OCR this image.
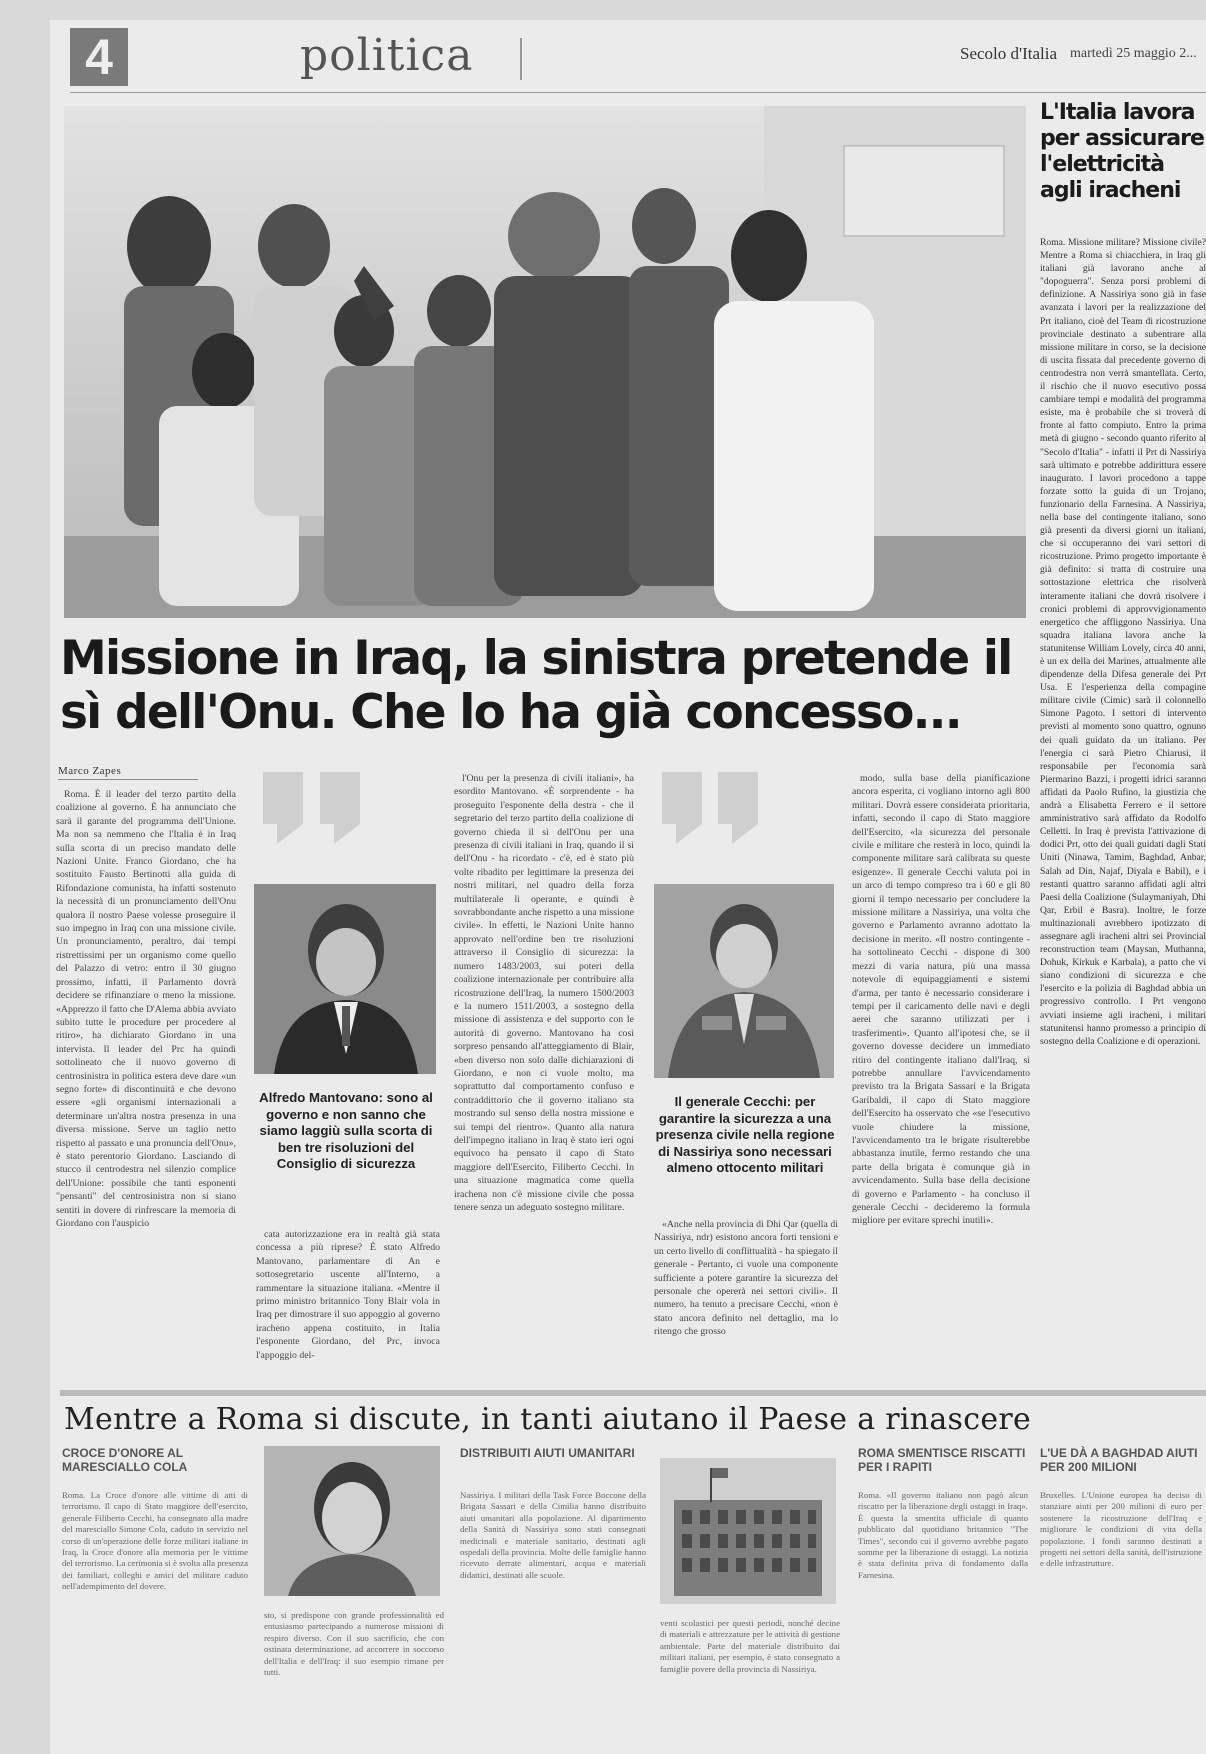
4	politica	Secolo d'Italia martedì 25 maggio 2...
Missione in Iraq, la sinistra pretende il sì dell'Onu. Che lo ha già concesso...
Marco Zapes

Roma. È il leader del terzo partito della coalizione al governo. È ha annunciato che sarà il garante del programma dell'Unione. Ma non sa nemmeno che l'Italia è in Iraq sulla scorta di un preciso mandato delle Nazioni Unite. Franco Giordano, che ha sostituito Fausto Bertinotti alla guida di Rifondazione comunista, ha infatti sostenuto la necessità di un pronunciamento dell'Onu qualora il nostro Paese volesse proseguire il suo impegno in Iraq con una missione civile. Un pronunciamento, peraltro, dai tempi ristrettissimi per un organismo come quello del Palazzo di vetro: entro il 30 giugno prossimo, infatti, il Parlamento dovrà decidere se rifinanziare o meno la missione. «Apprezzo il fatto che D'Alema abbia avviato subito tutte le procedure per procedere al ritiro», ha dichiarato Giordano in una intervista. Il leader del Prc ha quindi sottolineato che il nuovo governo di centrosinistra in politica estera deve dare «un segno forte» di discontinuità e che devono essere «gli organismi internazionali a determinare un'altra nostra presenza in una diversa missione. Serve un taglio netto rispetto al passato e una pronuncia dell'Onu», è stato perentorio Giordano. Lasciando di stucco il centrodestra nel silenzio complice dell'Unione: possibile che tanti esponenti "pensanti" del centrosinistra non si siano sentiti in dovere di rinfrescare la memoria di Giordano con l'auspicio

Alfredo Mantovano: sono al governo e non sanno che siamo laggiù sulla scorta di ben tre risoluzioni del Consiglio di sicurezza

cata autorizzazione era in realtà già stata concessa a più riprese? È stato Alfredo Mantovano, parlamentare di An e sottosegretario uscente all'Interno, a rammentare la situazione italiana. «Mentre il primo ministro britannico Tony Blair vola in Iraq per dimostrare il suo appoggio al governo iracheno appena costituito, in Italia l'esponente Giordano, del Prc, invoca l'appoggio del-

l'Onu per la presenza di civili italiani», ha esordito Mantovano. «È sorprendente - ha proseguito l'esponente della destra - che il segretario del terzo partito della coalizione di governo chieda il sì dell'Onu per una presenza di civili italiani in Iraq, quando il sì dell'Onu - ha ricordato - c'è, ed è stato più volte ribadito per legittimare la presenza dei nostri militari, nel quadro della forza multilaterale lì operante, e quindi è sovrabbondante anche rispetto a una missione civile». In effetti, le Nazioni Unite hanno approvato nell'ordine ben tre risoluzioni attraverso il Consiglio di sicurezza: la numero 1483/2003, sui poteri della coalizione internazionale per contribuire alla ricostruzione dell'Iraq, la numero 1500/2003 e la numero 1511/2003, a sostegno della missione di assistenza e del supporto con le autorità di governo. Mantovano ha così sorpreso pensando all'atteggiamento di Blair, «ben diverso non solo dalle dichiarazioni di Giordano, e non ci vuole molto, ma soprattutto dal comportamento confuso e contraddittorio che il governo italiano sta mostrando sul senso della nostra missione e sui tempi del rientro». Quanto alla natura dell'impegno italiano in Iraq è stato ieri ogni equivoco ha pensato il capo di Stato maggiore dell'Esercito, Filiberto Cecchi. In una situazione magmatica come quella irachena non c'è missione civile che possa tenere senza un adeguato sostegno militare.

Il generale Cecchi: per garantire la sicurezza a una presenza civile nella regione di Nassiriya sono necessari almeno ottocento militari

«Anche nella provincia di Dhi Qar (quella di Nassiriya, ndr) esistono ancora forti tensioni e un certo livello di conflittualità - ha spiegato il generale - Pertanto, ci vuole una componente sufficiente a potere garantire la sicurezza del personale che opererà nei settori civili». Il numero, ha tenuto a precisare Cecchi, «non è stato ancora definito nel dettaglio, ma lo ritengo che grosso

modo, sulla base della pianificazione ancora esperita, ci vogliano intorno agli 800 militari. Dovrà essere considerata prioritaria, infatti, secondo il capo di Stato maggiore dell'Esercito, «la sicurezza del personale civile e militare che resterà in loco, quindi la componente militare sarà calibrata su queste esigenze». Il generale Cecchi valuta poi in un arco di tempo compreso tra i 60 e gli 80 giorni il tempo necessario per concludere la missione militare a Nassiriya, una volta che governo e Parlamento avranno adottato la decisione in merito. «Il nostro contingente - ha sottolineato Cecchi - dispone di 300 mezzi di varia natura, più una massa notevole di equipaggiamenti e sistemi d'arma, per tanto è necessario considerare i tempi per il caricamento delle navi e degli aerei che saranno utilizzati per i trasferimenti». Quanto all'ipotesi che, se il governo dovesse decidere un immediato ritiro del contingente italiano dall'Iraq, si potrebbe annullare l'avvicendamento previsto tra la Brigata Sassari e la Brigata Garibaldi, il capo di Stato maggiore dell'Esercito ha osservato che «se l'esecutivo vuole chiudere la missione, l'avvicendamento tra le brigate risulterebbe abbastanza inutile, fermo restando che una parte della brigata è comunque già in avvicendamento. Sulla base della decisione di governo e Parlamento - ha concluso il generale Cecchi - decideremo la formula migliore per evitare sprechi inutili».

L'Italia lavora per assicurare l'elettricità agli iracheni

Roma. Missione militare? Missione civile? Mentre a Roma si chiacchiera, in Iraq gli italiani già lavorano anche al "dopoguerra". Senza porsi problemi di definizione. A Nassiriya sono già in fase avanzata i lavori per la realizzazione del Prt italiano, cioè del Team di ricostruzione provinciale destinato a subentrare alla missione militare in corso, se la decisione di uscita fissata dal precedente governo di centrodestra non verrà smantellata. Certo, il rischio che il nuovo esecutivo possa cambiare tempi e modalità del programma esiste, ma è probabile che si troverà di fronte al fatto compiuto. Entro la prima metà di giugno - secondo quanto riferito al "Secolo d'Italia" - infatti il Prt di Nassiriya sarà ultimato e potrebbe addirittura essere inaugurato. I lavori procedono a tappe forzate sotto la guida di un Trojano, funzionario della Farnesina. A Nassiriya, nella base del contingente italiano, sono già presenti da diversi giorni un italiani, che si occuperanno dei vari settori di ricostruzione. Primo progetto importante è già definito: si tratta di costruire una sottostazione elettrica che risolverà interamente italiani che dovrà risolvere i cronici problemi di approvvigionamento energetico che affliggono Nassiriya. Una squadra italiana lavora anche la statunitense William Lovely, circa 40 anni, è un ex della dei Marines, attualmente alle dipendenze della Difesa generale dei Prt Usa. E l'esperienza della compagine militare civile (Cimic) sarà il colonnello Simone Pagoto. I settori di intervento previsti al momento sono quattro, ognuno dei quali guidato da un italiano. Per l'energia ci sarà Pietro Chiarusi, il responsabile per l'economia sarà Piermarino Bazzi, i progetti idrici saranno affidati da Paolo Rufino, la giustizia che andrà a Elisabetta Ferrero e il settore amministrativo sarà affidato da Rodolfo Celletti. In Iraq è prevista l'attivazione di dodici Prt, otto dei quali guidati dagli Stati Uniti (Ninawa, Tamim, Baghdad, Anbar, Salah ad Din, Najaf, Diyala e Babil), e i restanti quattro saranno affidati agli altri Paesi della Coalizione (Sulaymaniyah, Dhi Qar, Erbil e Basra). Inoltre, le forze multinazionali avrebbero ipotizzato di assegnare agli iracheni altri sei Provincial reconstruction team (Maysan, Muthanna, Dohuk, Kirkuk e Karbala), a patto che vi siano condizioni di sicurezza e che l'esercito e la polizia di Baghdad abbia un progressivo controllo. I Prt vengono avviati insieme agli iracheni, i militari statunitensi hanno promesso a principio di sostegno della Coalizione e di operazioni.

Mentre a Roma si discute, in tanti aiutano il Paese a rinascere
CROCE D'ONORE AL MARESCIALLO COLA
Roma. La Croce d'onore alle vittime di atti di terrorismo. Il capo di Stato maggiore dell'esercito, generale Filiberto Cecchi, ha consegnato alla madre del maresciallo Simone Cola, caduto in servizio nel corso di un'operazione delle forze militari italiane in Iraq, la Croce d'onore alla memoria per le vittime del terrorismo. La cerimonia si è svolta alla presenza dei familiari, colleghi e amici del militare caduto nell'adempimento del dovere.
sto, si predispone con grande professionalità ed entusiasmo partecipando a numerose missioni di respiro diverso. Con il suo sacrificio, che con ostinata determinazione, ad accorrere in soccorso dell'Italia e dell'Iraq: il suo esempio rimane per tutti.
DISTRIBUITI AIUTI UMANITARI
Nassiriya. I militari della Task Force Boccone della Brigata Sassari e della Cimilia hanno distribuito aiuti umanitari alla popolazione. Al dipartimento della Sanità di Nassiriya sono stati consegnati medicinali e materiale sanitario, destinati agli ospedali della provincia. Molte delle famiglie hanno ricevuto derrate alimentari, acqua e materiali didattici, destinati alle scuole.
venti scolastici per questi periodi, nonché decine di materiali e attrezzature per le attività di gestione ambientale. Parte del materiale distribuito dai militari italiani, per esempio, è stato consegnato a famiglie povere della provincia di Nassiriya.
ROMA SMENTISCE RISCATTI PER I RAPITI
Roma. «Il governo italiano non pagò alcun riscatto per la liberazione degli ostaggi in Iraq». È questa la smentita ufficiale di quanto pubblicato dal quotidiano britannico "The Times", secondo cui il governo avrebbe pagato somme per la liberazione di ostaggi. La notizia è stata definita priva di fondamento dalla Farnesina.
L'UE DÀ A BAGHDAD AIUTI PER 200 MILIONI
Bruxelles. L'Unione europea ha deciso di stanziare aiuti per 200 milioni di euro per sostenere la ricostruzione dell'Iraq e migliorare le condizioni di vita della popolazione. I fondi saranno destinati a progetti nei settori della sanità, dell'istruzione e delle infrastrutture.
